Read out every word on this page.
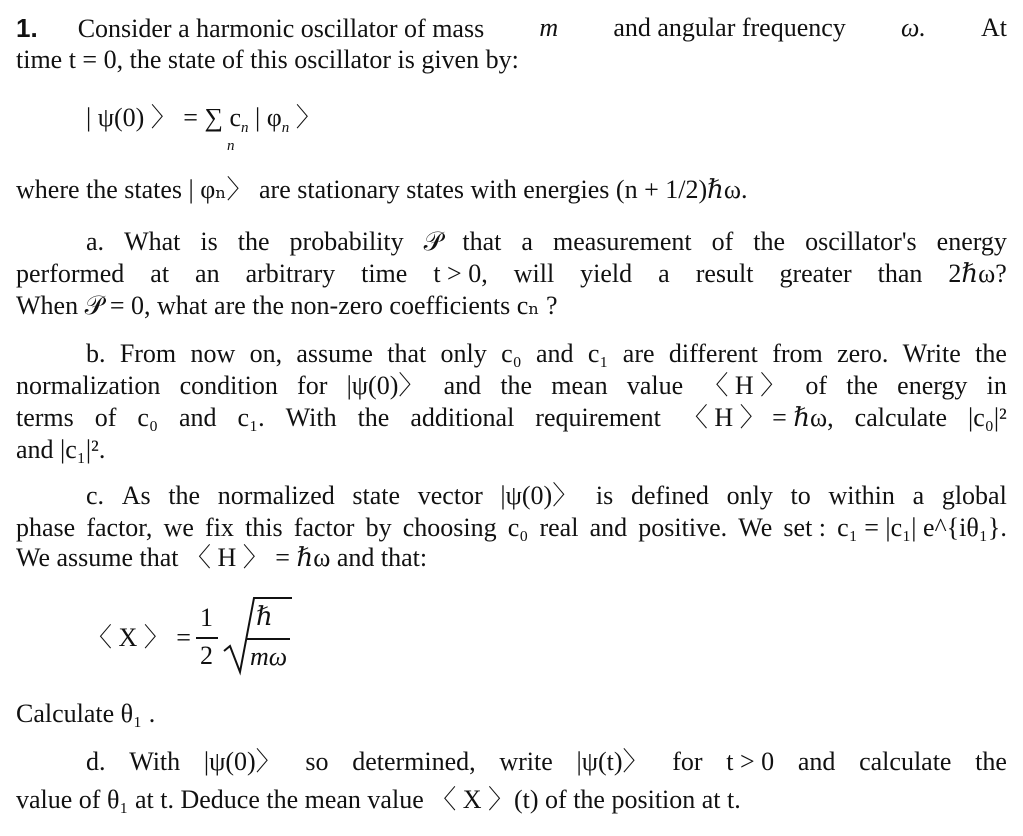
1. Consider a harmonic oscillator of mass m and angular frequency ω. At
time t = 0, the state of this oscillator is given by:
| ψ(0) 〉 = ∑ $c_n$ | $\varphi_n$ 〉
n
where the states | φₙ〉 are stationary states with energies (n + 1/2)ℏω.
a. What is the probability 𝒫 that a measurement of the oscillator's energy
performed at an arbitrary time t > 0, will yield a result greater than 2ℏω?
When 𝒫 = 0, what are the non-zero coefficients cₙ ?
b. From now on, assume that only c₀ and c₁ are different from zero. Write the
normalization condition for |ψ(0)〉 and the mean value 〈 H 〉 of the energy in
terms of c₀ and c₁. With the additional requirement 〈 H 〉 = ℏω, calculate |c₀|²
and |c₁|².
c. As the normalized state vector |ψ(0)〉 is defined only to within a global
phase factor, we fix this factor by choosing c₀ real and positive. We set : c₁ = |c₁| e^{iθ₁}.
We assume that 〈 H 〉 = ℏω and that:
〈 X 〉 =
1
2
ℏ
mω
Calculate θ₁ .
d. With |ψ(0)〉 so determined, write |ψ(t)〉 for t > 0 and calculate the
value of θ₁ at t. Deduce the mean value 〈 X 〉(t) of the position at t.
